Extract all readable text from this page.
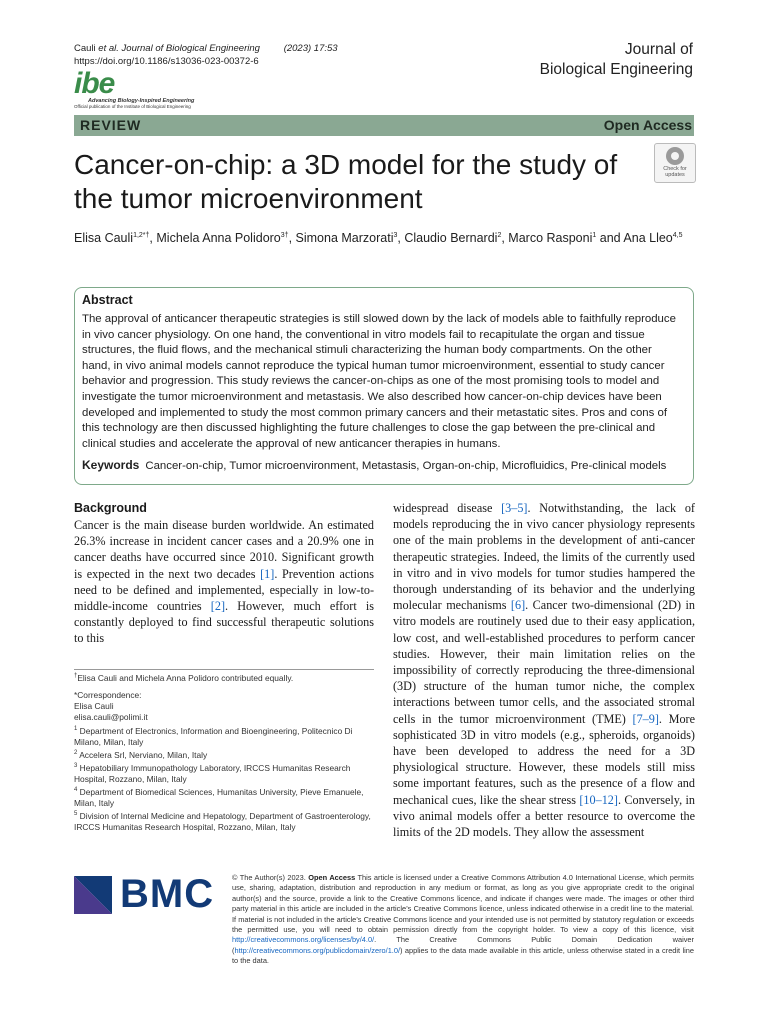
Cauli et al. Journal of Biological Engineering	(2023) 17:53
https://doi.org/10.1186/s13036-023-00372-6
Journal of
Biological Engineering
ibe
Advancing Biology-Inspired Engineering
Official publication of the Institute of Biological Engineering
REVIEW	Open Access
Cancer-on-chip: a 3D model for the study of the tumor microenvironment
Check for
updates
Elisa Cauli$^{1,2*\dagger}$, Michela Anna Polidoro$^{3\dagger}$, Simona Marzorati$^3$, Claudio Bernardi$^2$, Marco Rasponi$^1$ and Ana Lleo$^{4,5}$
Abstract
The approval of anticancer therapeutic strategies is still slowed down by the lack of models able to faithfully reproduce in vivo cancer physiology. On one hand, the conventional in vitro models fail to recapitulate the organ and tissue structures, the fluid flows, and the mechanical stimuli characterizing the human body compartments. On the other hand, in vivo animal models cannot reproduce the typical human tumor microenvironment, essential to study cancer behavior and progression. This study reviews the cancer-on-chips as one of the most promising tools to model and investigate the tumor microenvironment and metastasis. We also described how cancer-on-chip devices have been developed and implemented to study the most common primary cancers and their metastatic sites. Pros and cons of this technology are then discussed highlighting the future challenges to close the gap between the pre-clinical and clinical studies and accelerate the approval of new anticancer therapies in humans.
Keywords Cancer-on-chip, Tumor microenvironment, Metastasis, Organ-on-chip, Microfluidics, Pre-clinical models
Background
Cancer is the main disease burden worldwide. An estimated 26.3% increase in incident cancer cases and a 20.9% one in cancer deaths have occurred since 2010. Significant growth is expected in the next two decades [1]. Prevention actions need to be defined and implemented, especially in low-to-middle-income countries [2]. However, much effort is constantly deployed to find successful therapeutic solutions to this
widespread disease [3–5]. Notwithstanding, the lack of models reproducing the in vivo cancer physiology represents one of the main problems in the development of anti-cancer therapeutic strategies. Indeed, the limits of the currently used in vitro and in vivo models for tumor studies hampered the thorough understanding of its behavior and the underlying molecular mechanisms [6]. Cancer two-dimensional (2D) in vitro models are routinely used due to their easy application, low cost, and well-established procedures to perform cancer studies. However, their main limitation relies on the impossibility of correctly reproducing the three-dimensional (3D) structure of the human tumor niche, the complex interactions between tumor cells, and the associated stromal cells in the tumor microenvironment (TME) [7–9]. More sophisticated 3D in vitro models (e.g., spheroids, organoids) have been developed to address the need for a 3D physiological structure. However, these models still miss some important features, such as the presence of a flow and mechanical cues, like the shear stress [10–12]. Conversely, in vivo animal models offer a better resource to overcome the limits of the 2D models. They allow the assessment

†Elisa Cauli and Michela Anna Polidoro contributed equally.

*Correspondence:

Elisa Cauli

elisa.cauli@polimi.it

$^1$ Department of Electronics, Information and Bioengineering, Politecnico Di Milano, Milan, Italy

$^2$ Accelera Srl, Nerviano, Milan, Italy

$^3$ Hepatobiliary Immunopathology Laboratory, IRCCS Humanitas Research Hospital, Rozzano, Milan, Italy

$^4$ Department of Biomedical Sciences, Humanitas University, Pieve Emanuele, Milan, Italy

$^5$ Division of Internal Medicine and Hepatology, Department of Gastroenterology, IRCCS Humanitas Research Hospital, Rozzano, Milan, Italy

BMC © The Author(s) 2023. Open Access This article is licensed under a Creative Commons Attribution 4.0 International License, which permits use, sharing, adaptation, distribution and reproduction in any medium or format, as long as you give appropriate credit to the original author(s) and the source, provide a link to the Creative Commons licence, and indicate if changes were made. The images or other third party material in this article are included in the article’s Creative Commons licence, unless indicated otherwise in a credit line to the material. If material is not included in the article’s Creative Commons licence and your intended use is not permitted by statutory regulation or exceeds the permitted use, you will need to obtain permission directly from the copyright holder. To view a copy of this licence, visit http://creativecommons.org/licenses/by/4.0/. The Creative Commons Public Domain Dedication waiver (http://creativecommons.org/publicdomain/zero/1.0/) applies to the data made available in this article, unless otherwise stated in a credit line to the data.
